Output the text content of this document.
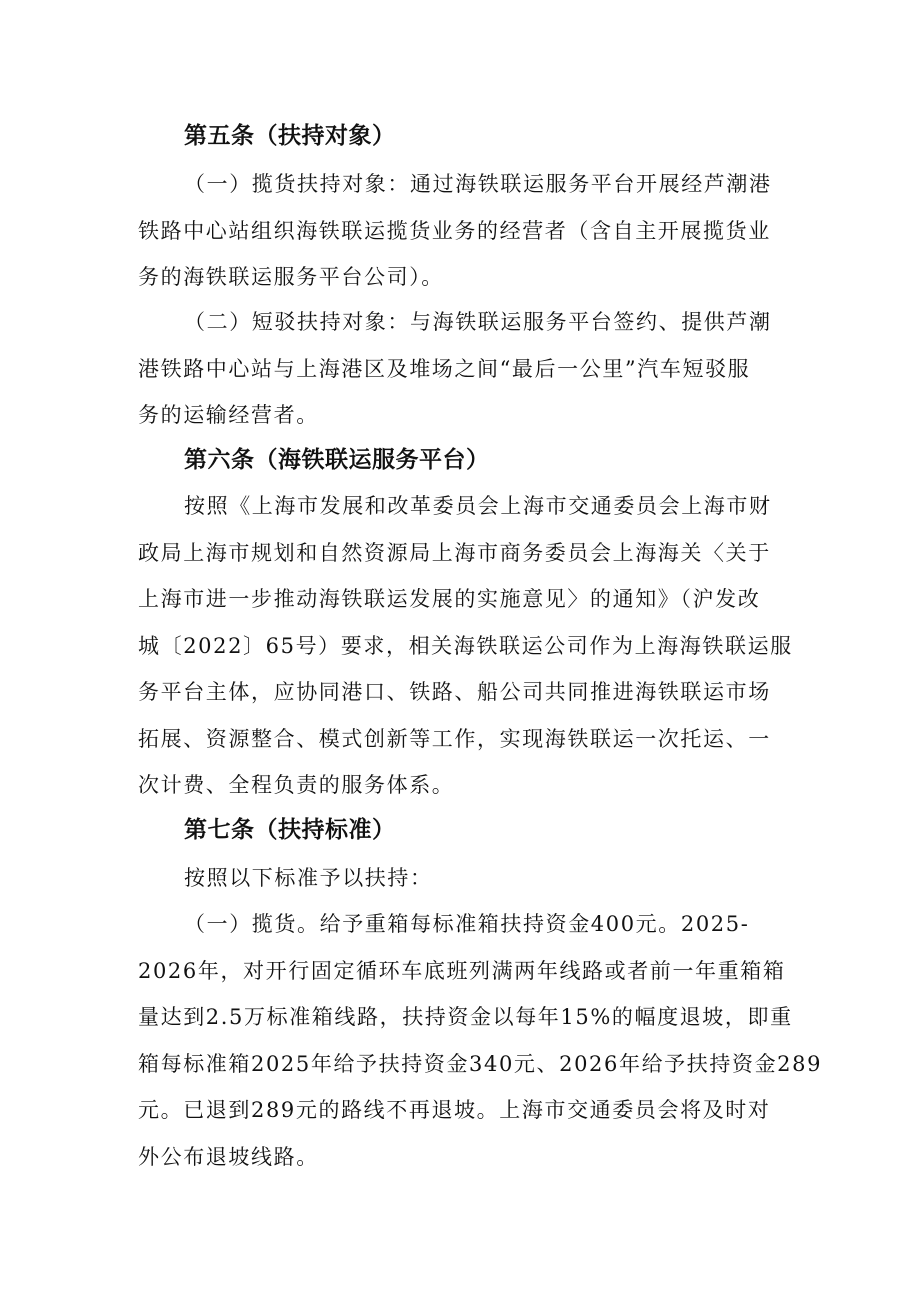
第五条（扶持对象）

（一）揽货扶持对象：通过海铁联运服务平台开展经芦潮港
铁路中心站组织海铁联运揽货业务的经营者（含自主开展揽货业
务的海铁联运服务平台公司）。

（二）短驳扶持对象：与海铁联运服务平台签约、提供芦潮
港铁路中心站与上海港区及堆场之间“最后一公里”汽车短驳服
务的运输经营者。

第六条（海铁联运服务平台）

按照《上海市发展和改革委员会上海市交通委员会上海市财
政局上海市规划和自然资源局上海市商务委员会上海海关〈关于
上海市进一步推动海铁联运发展的实施意见〉的通知》（沪发改
城〔2022〕65号）要求，相关海铁联运公司作为上海海铁联运服
务平台主体，应协同港口、铁路、船公司共同推进海铁联运市场
拓展、资源整合、模式创新等工作，实现海铁联运一次托运、一
次计费、全程负责的服务体系。

第七条（扶持标准）

按照以下标准予以扶持：

（一）揽货。给予重箱每标准箱扶持资金400元。2025-
2026年，对开行固定循环车底班列满两年线路或者前一年重箱箱
量达到2.5万标准箱线路，扶持资金以每年15%的幅度退坡，即重
箱每标准箱2025年给予扶持资金340元、2026年给予扶持资金289
元。已退到289元的路线不再退坡。上海市交通委员会将及时对
外公布退坡线路。
